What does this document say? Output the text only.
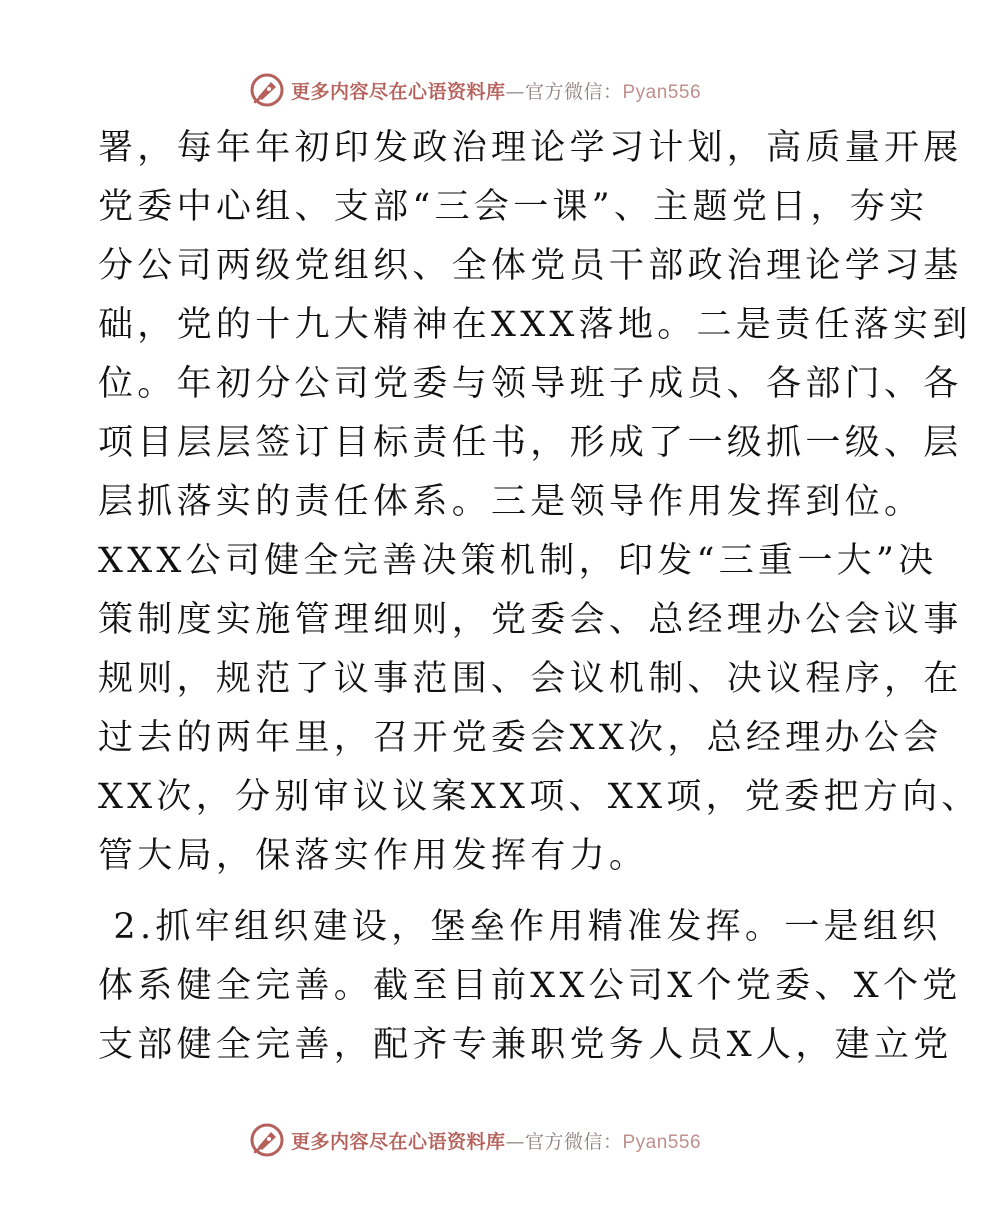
更多内容尽在心语资料库—官方微信：Pyan556
署，每年年初印发政治理论学习计划，高质量开展
党委中心组、支部“三会一课”、主题党日，夯实
分公司两级党组织、全体党员干部政治理论学习基
础，党的十九大精神在XXX落地。二是责任落实到
位。年初分公司党委与领导班子成员、各部门、各
项目层层签订目标责任书，形成了一级抓一级、层
层抓落实的责任体系。三是领导作用发挥到位。
XXX公司健全完善决策机制，印发“三重一大”决
策制度实施管理细则，党委会、总经理办公会议事
规则，规范了议事范围、会议机制、决议程序，在
过去的两年里，召开党委会XX次，总经理办公会
XX次，分别审议议案XX项、XX项，党委把方向、
管大局，保落实作用发挥有力。
2.抓牢组织建设，堡垒作用精准发挥。一是组织
体系健全完善。截至目前XX公司X个党委、X个党
支部健全完善，配齐专兼职党务人员X人，建立党
更多内容尽在心语资料库—官方微信：Pyan556
